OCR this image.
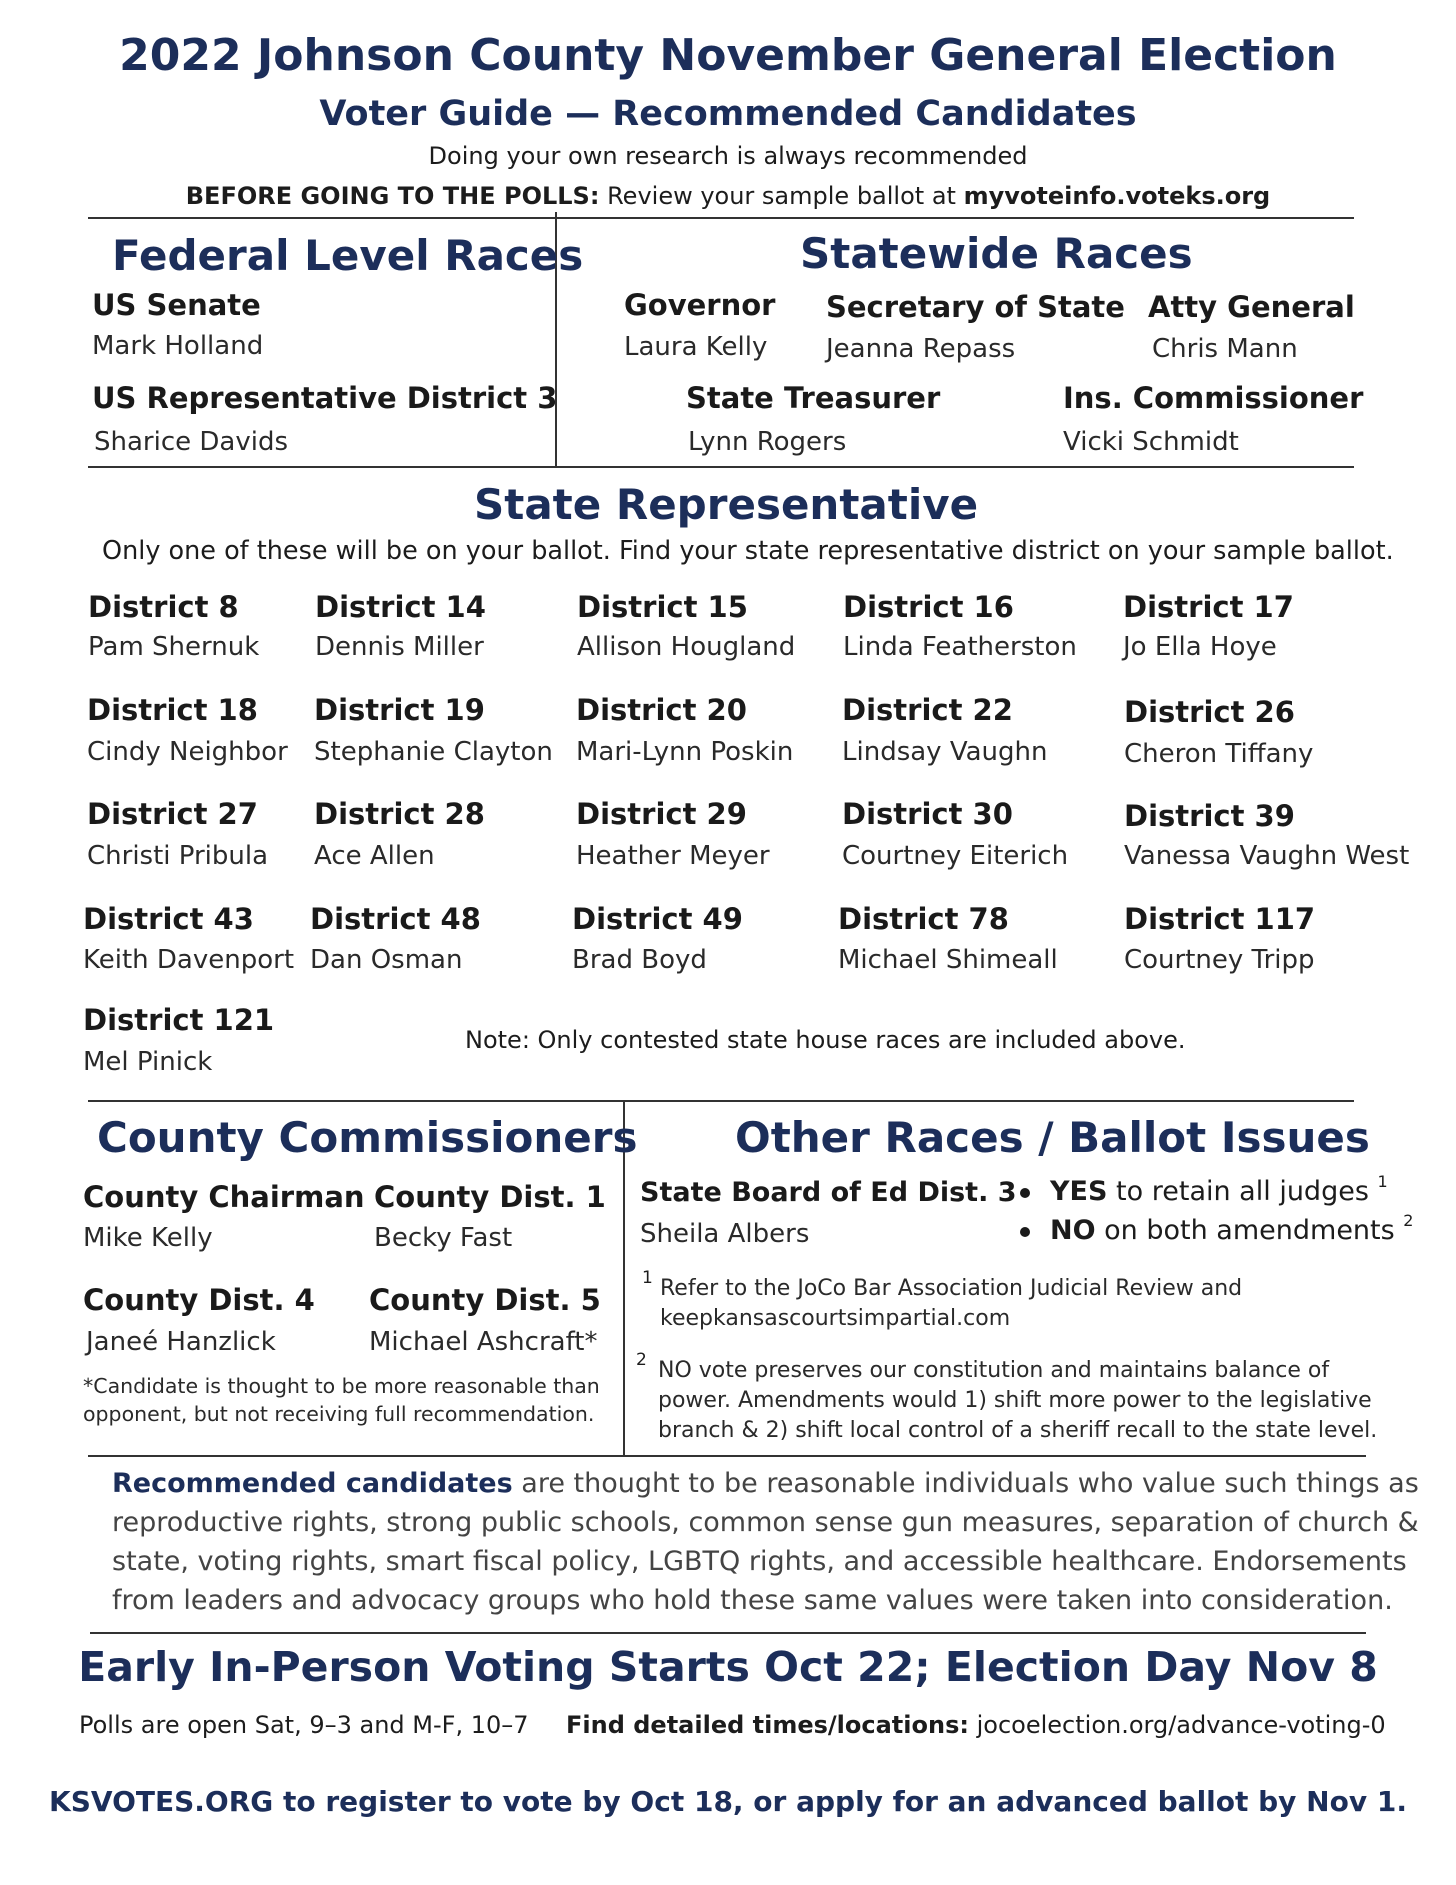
2022 Johnson County November General Election
Voter Guide — Recommended Candidates
Doing your own research is always recommended
BEFORE GOING TO THE POLLS: Review your sample ballot at myvoteinfo.voteks.org
Federal Level Races
US Senate
Mark Holland
US Representative District 3
Sharice Davids
Statewide Races
Governor
Laura Kelly
Secretary of State
Jeanna Repass
Atty General
Chris Mann
State Treasurer
Lynn Rogers
Ins. Commissioner
Vicki Schmidt
State Representative
Only one of these will be on your ballot. Find your state representative district on your sample ballot.
District 8
Pam Shernuk
District 14
Dennis Miller
District 15
Allison Hougland
District 16
Linda Featherston
District 17
Jo Ella Hoye
District 18
Cindy Neighbor
District 19
Stephanie Clayton
District 20
Mari-Lynn Poskin
District 22
Lindsay Vaughn
District 26
Cheron Tiffany
District 27
Christi Pribula
District 28
Ace Allen
District 29
Heather Meyer
District 30
Courtney Eiterich
District 39
Vanessa Vaughn West
District 43
Keith Davenport
District 48
Dan Osman
District 49
Brad Boyd
District 78
Michael Shimeall
District 117
Courtney Tripp
District 121
Mel Pinick
Note: Only contested state house races are included above.
County Commissioners
County Chairman
Mike Kelly
County Dist. 1
Becky Fast
County Dist. 4
Janeé Hanzlick
County Dist. 5
Michael Ashcraft*
*Candidate is thought to be more reasonable than
opponent, but not receiving full recommendation.
Other Races / Ballot Issues
State Board of Ed Dist. 3
Sheila Albers
YES to retain all judges $^1$
NO on both amendments $^2$
1 Refer to the JoCo Bar Association Judicial Review and
keepkansascourtsimpartial.com
2 NO vote preserves our constitution and maintains balance of
power. Amendments would 1) shift more power to the legislative
branch & 2) shift local control of a sheriff recall to the state level.
Recommended candidates are thought to be reasonable individuals who value such things as
reproductive rights, strong public schools, common sense gun measures, separation of church &
state, voting rights, smart fiscal policy, LGBTQ rights, and accessible healthcare. Endorsements
from leaders and advocacy groups who hold these same values were taken into consideration.
Early In-Person Voting Starts Oct 22; Election Day Nov 8
Polls are open Sat, 9–3 and M-F, 10–7 Find detailed times/locations: jocoelection.org/advance-voting-0
KSVOTES.ORG to register to vote by Oct 18, or apply for an advanced ballot by Nov 1.
